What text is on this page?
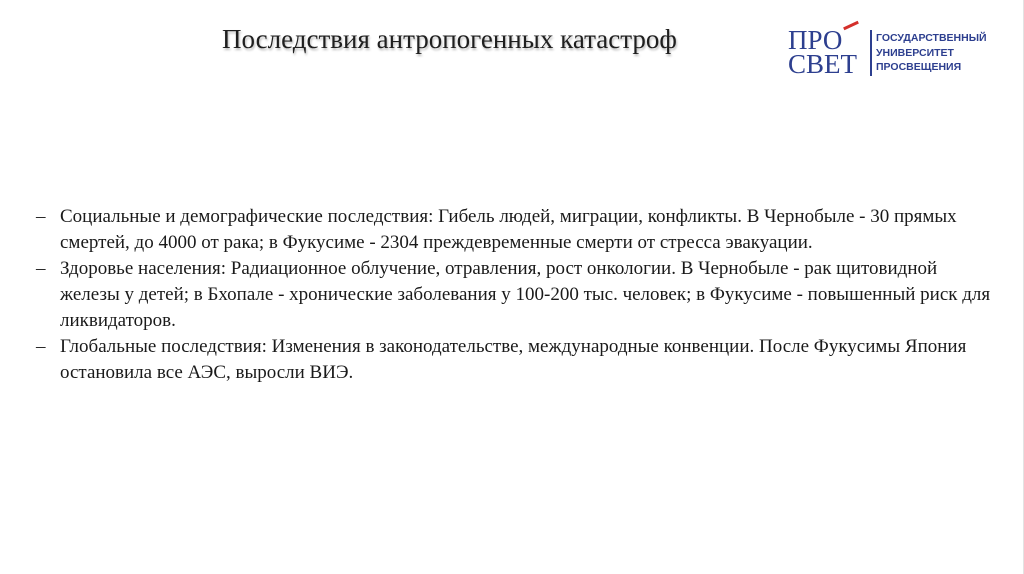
Последствия антропогенных катастроф	ПРО
СВЕТ
ГОСУДАРСТВЕННЫЙ
УНИВЕРСИТЕТ
ПРОСВЕЩЕНИЯ

– Социальные и демографические последствия: Гибель людей, миграции, конфликты. В Чернобыле - 30 прямых смертей, до 4000 от рака; в Фукусиме - 2304 преждевременные смерти от стресса эвакуации.

– Здоровье населения: Радиационное облучение, отравления, рост онкологии. В Чернобыле - рак щитовидной железы у детей; в Бхопале - хронические заболевания у 100-200 тыс. человек; в Фукусиме - повышенный риск для ликвидаторов.

– Глобальные последствия: Изменения в законодательстве, международные конвенции. После Фукусимы Япония остановила все АЭС, выросли ВИЭ.
